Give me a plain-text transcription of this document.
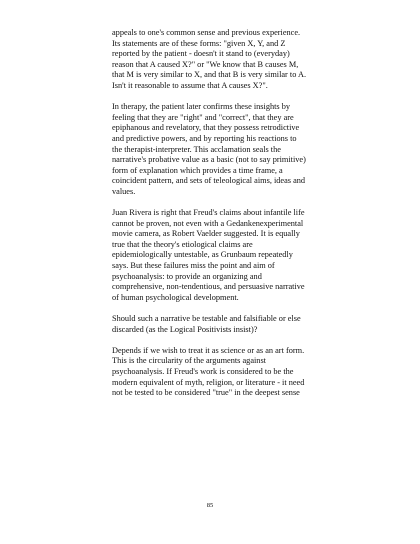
appeals to one's common sense and previous experience.
Its statements are of these forms: "given X, Y, and Z
reported by the patient - doesn't it stand to (everyday)
reason that A caused X?" or "We know that B causes M,
that M is very similar to X, and that B is very similar to A.
Isn't it reasonable to assume that A causes X?".

In therapy, the patient later confirms these insights by
feeling that they are "right" and "correct", that they are
epiphanous and revelatory, that they possess retrodictive
and predictive powers, and by reporting his reactions to
the therapist-interpreter. This acclamation seals the
narrative's probative value as a basic (not to say primitive)
form of explanation which provides a time frame, a
coincident pattern, and sets of teleological aims, ideas and
values.

Juan Rivera is right that Freud's claims about infantile life
cannot be proven, not even with a Gedankenexperimental
movie camera, as Robert Vaelder suggested. It is equally
true that the theory's etiological claims are
epidemiologically untestable, as Grunbaum repeatedly
says. But these failures miss the point and aim of
psychoanalysis: to provide an organizing and
comprehensive, non-tendentious, and persuasive narrative
of human psychological development.

Should such a narrative be testable and falsifiable or else
discarded (as the Logical Positivists insist)?

Depends if we wish to treat it as science or as an art form.
This is the circularity of the arguments against
psychoanalysis. If Freud's work is considered to be the
modern equivalent of myth, religion, or literature - it need
not be tested to be considered "true" in the deepest sense

85
